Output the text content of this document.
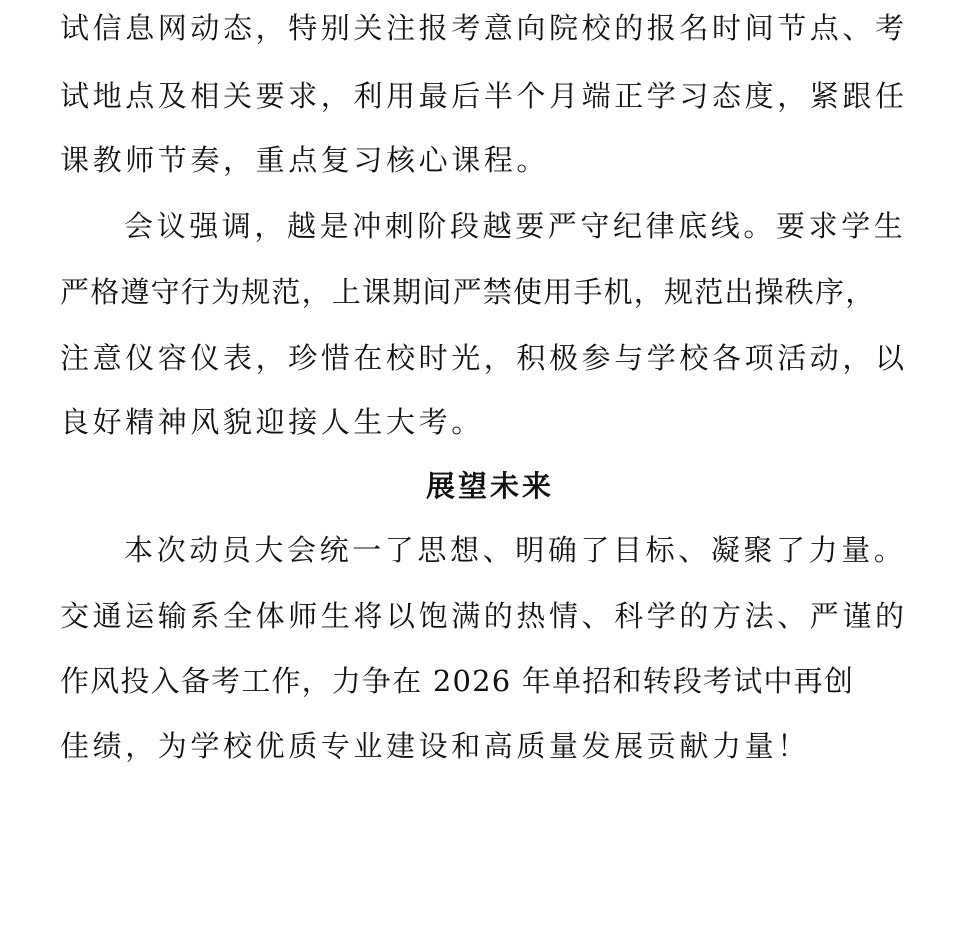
试信息网动态，特别关注报考意向院校的报名时间节点、考

试地点及相关要求，利用最后半个月端正学习态度，紧跟任

课教师节奏，重点复习核心课程。

会议强调，越是冲刺阶段越要严守纪律底线。要求学生

严格遵守行为规范，上课期间严禁使用手机，规范出操秩序，

注意仪容仪表，珍惜在校时光，积极参与学校各项活动，以

良好精神风貌迎接人生大考。

展望未来

本次动员大会统一了思想、明确了目标、凝聚了力量。

交通运输系全体师生将以饱满的热情、科学的方法、严谨的

作风投入备考工作，力争在 2026 年单招和转段考试中再创

佳绩，为学校优质专业建设和高质量发展贡献力量！
